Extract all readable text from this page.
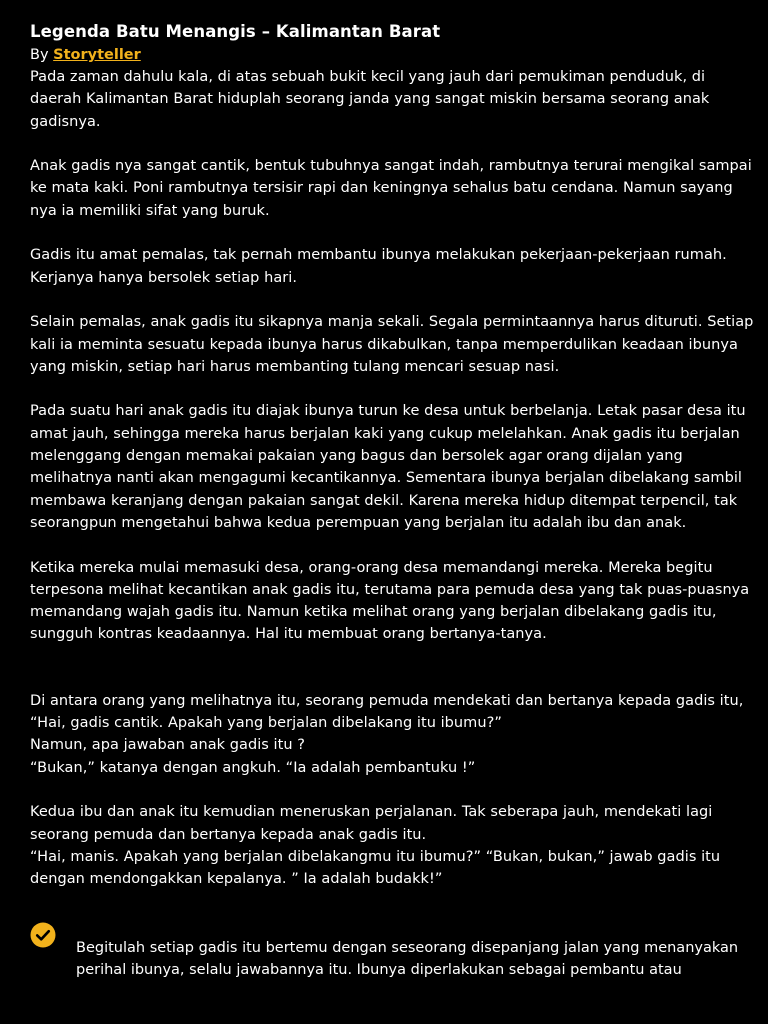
Legenda Batu Menangis – Kalimantan Barat

By Storyteller

Pada zaman dahulu kala, di atas sebuah bukit kecil yang jauh dari pemukiman penduduk, di
daerah Kalimantan Barat hiduplah seorang janda yang sangat miskin bersama seorang anak
gadisnya.

Anak gadis nya sangat cantik, bentuk tubuhnya sangat indah, rambutnya terurai mengikal sampai
ke mata kaki. Poni rambutnya tersisir rapi dan keningnya sehalus batu cendana. Namun sayang
nya ia memiliki sifat yang buruk.

Gadis itu amat pemalas, tak pernah membantu ibunya melakukan pekerjaan-pekerjaan rumah.
Kerjanya hanya bersolek setiap hari.

Selain pemalas, anak gadis itu sikapnya manja sekali. Segala permintaannya harus dituruti. Setiap
kali ia meminta sesuatu kepada ibunya harus dikabulkan, tanpa memperdulikan keadaan ibunya
yang miskin, setiap hari harus membanting tulang mencari sesuap nasi.

Pada suatu hari anak gadis itu diajak ibunya turun ke desa untuk berbelanja. Letak pasar desa itu
amat jauh, sehingga mereka harus berjalan kaki yang cukup melelahkan. Anak gadis itu berjalan
melenggang dengan memakai pakaian yang bagus dan bersolek agar orang dijalan yang
melihatnya nanti akan mengagumi kecantikannya. Sementara ibunya berjalan dibelakang sambil
membawa keranjang dengan pakaian sangat dekil. Karena mereka hidup ditempat terpencil, tak
seorangpun mengetahui bahwa kedua perempuan yang berjalan itu adalah ibu dan anak.

Ketika mereka mulai memasuki desa, orang-orang desa memandangi mereka. Mereka begitu
terpesona melihat kecantikan anak gadis itu, terutama para pemuda desa yang tak puas-puasnya
memandang wajah gadis itu. Namun ketika melihat orang yang berjalan dibelakang gadis itu,
sungguh kontras keadaannya. Hal itu membuat orang bertanya-tanya.

Di antara orang yang melihatnya itu, seorang pemuda mendekati dan bertanya kepada gadis itu,
“Hai, gadis cantik. Apakah yang berjalan dibelakang itu ibumu?”
Namun, apa jawaban anak gadis itu ?
“Bukan,” katanya dengan angkuh. “Ia adalah pembantuku !”

Kedua ibu dan anak itu kemudian meneruskan perjalanan. Tak seberapa jauh, mendekati lagi
seorang pemuda dan bertanya kepada anak gadis itu.
“Hai, manis. Apakah yang berjalan dibelakangmu itu ibumu?” “Bukan, bukan,” jawab gadis itu
dengan mendongakkan kepalanya. ” Ia adalah budakk!”

Begitulah setiap gadis itu bertemu dengan seseorang disepanjang jalan yang menanyakan
perihal ibunya, selalu jawabannya itu. Ibunya diperlakukan sebagai pembantu atau
